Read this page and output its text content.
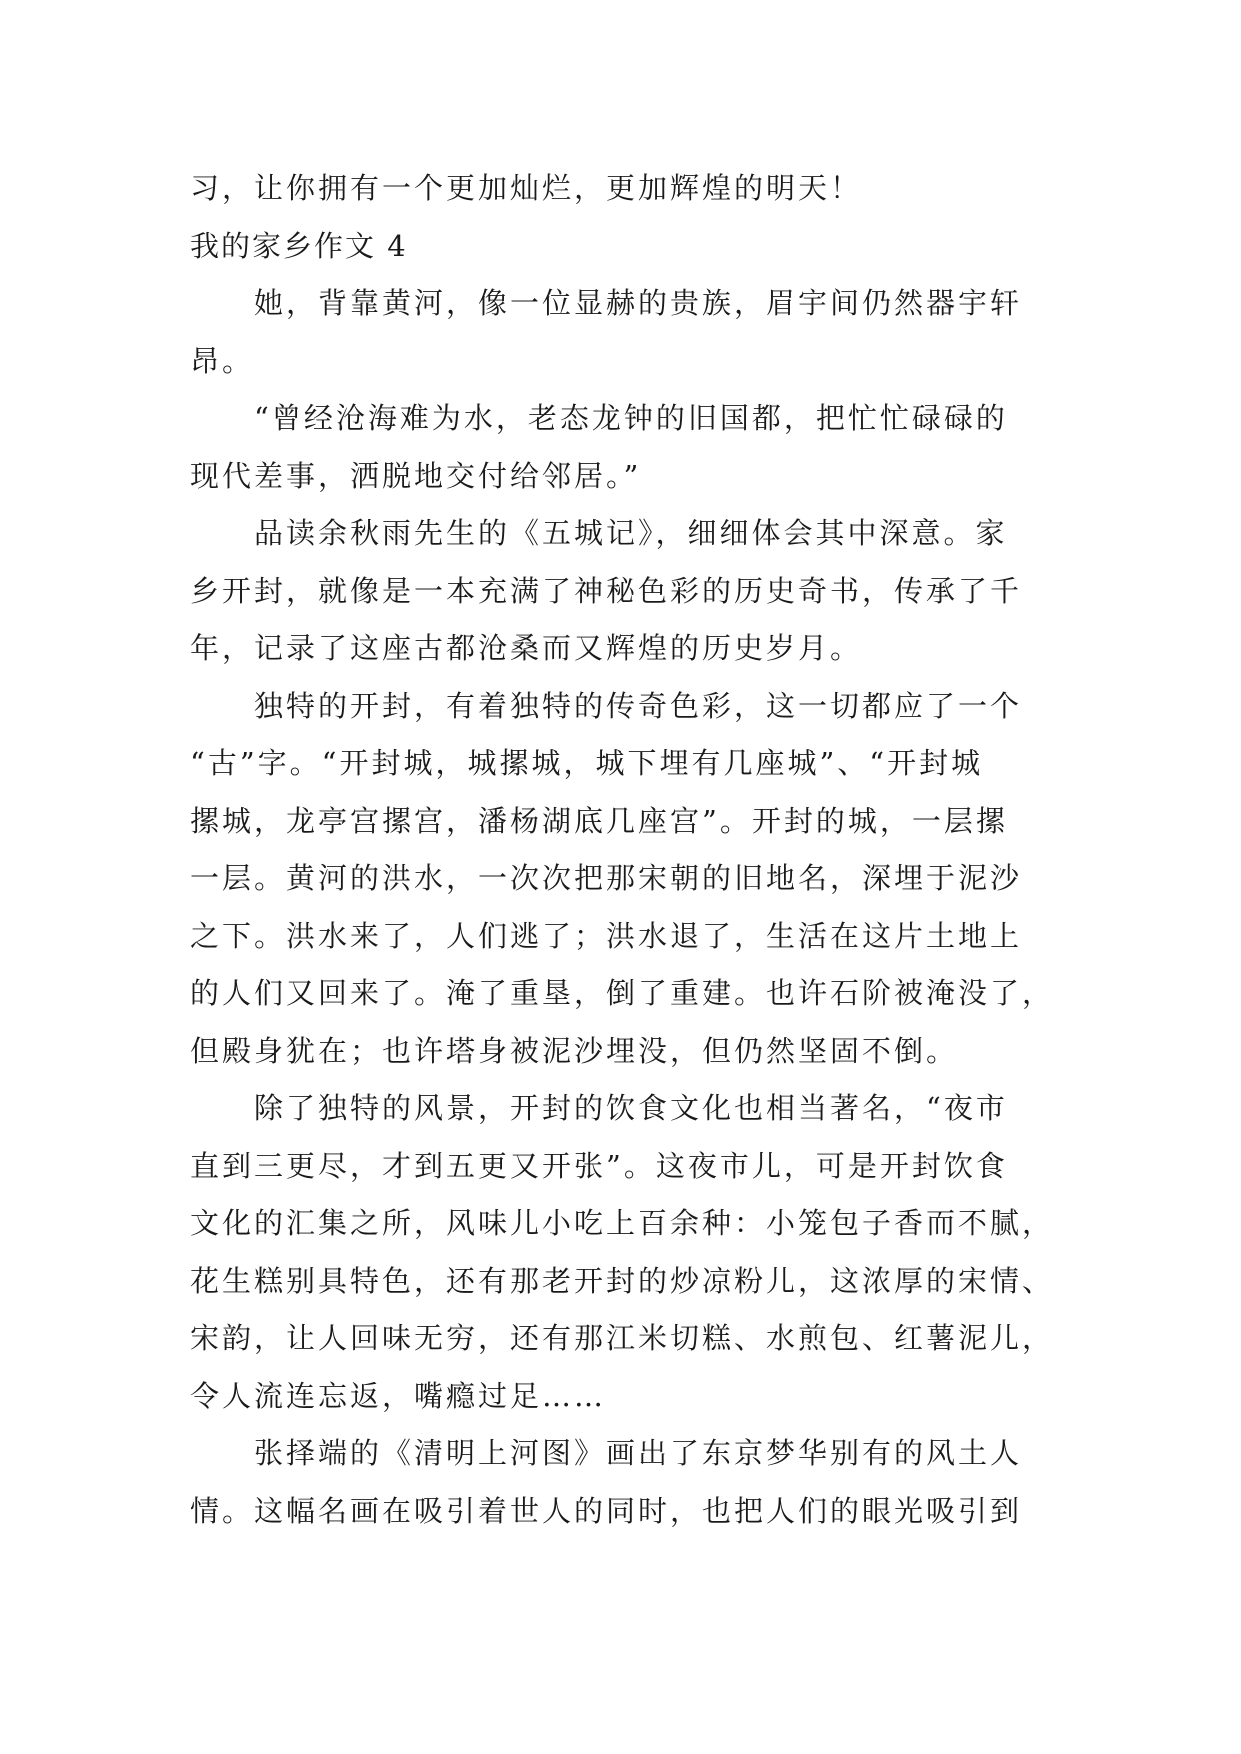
习，让你拥有一个更加灿烂，更加辉煌的明天！

我的家乡作文 4

她，背靠黄河，像一位显赫的贵族，眉宇间仍然器宇轩

昂。

“曾经沧海难为水，老态龙钟的旧国都，把忙忙碌碌的

现代差事，洒脱地交付给邻居。”

品读余秋雨先生的《五城记》，细细体会其中深意。家

乡开封，就像是一本充满了神秘色彩的历史奇书，传承了千

年，记录了这座古都沧桑而又辉煌的历史岁月。

独特的开封，有着独特的传奇色彩，这一切都应了一个

“古”字。“开封城，城摞城，城下埋有几座城”、“开封城

摞城，龙亭宫摞宫，潘杨湖底几座宫”。开封的城，一层摞

一层。黄河的洪水，一次次把那宋朝的旧地名，深埋于泥沙

之下。洪水来了，人们逃了；洪水退了，生活在这片土地上

的人们又回来了。淹了重垦，倒了重建。也许石阶被淹没了，

但殿身犹在；也许塔身被泥沙埋没，但仍然坚固不倒。

除了独特的风景，开封的饮食文化也相当著名，“夜市

直到三更尽，才到五更又开张”。这夜市儿，可是开封饮食

文化的汇集之所，风味儿小吃上百余种：小笼包子香而不腻，

花生糕别具特色，还有那老开封的炒凉粉儿，这浓厚的宋情、

宋韵，让人回味无穷，还有那江米切糕、水煎包、红薯泥儿，

令人流连忘返，嘴瘾过足……

张择端的《清明上河图》画出了东京梦华别有的风土人

情。这幅名画在吸引着世人的同时，也把人们的眼光吸引到
